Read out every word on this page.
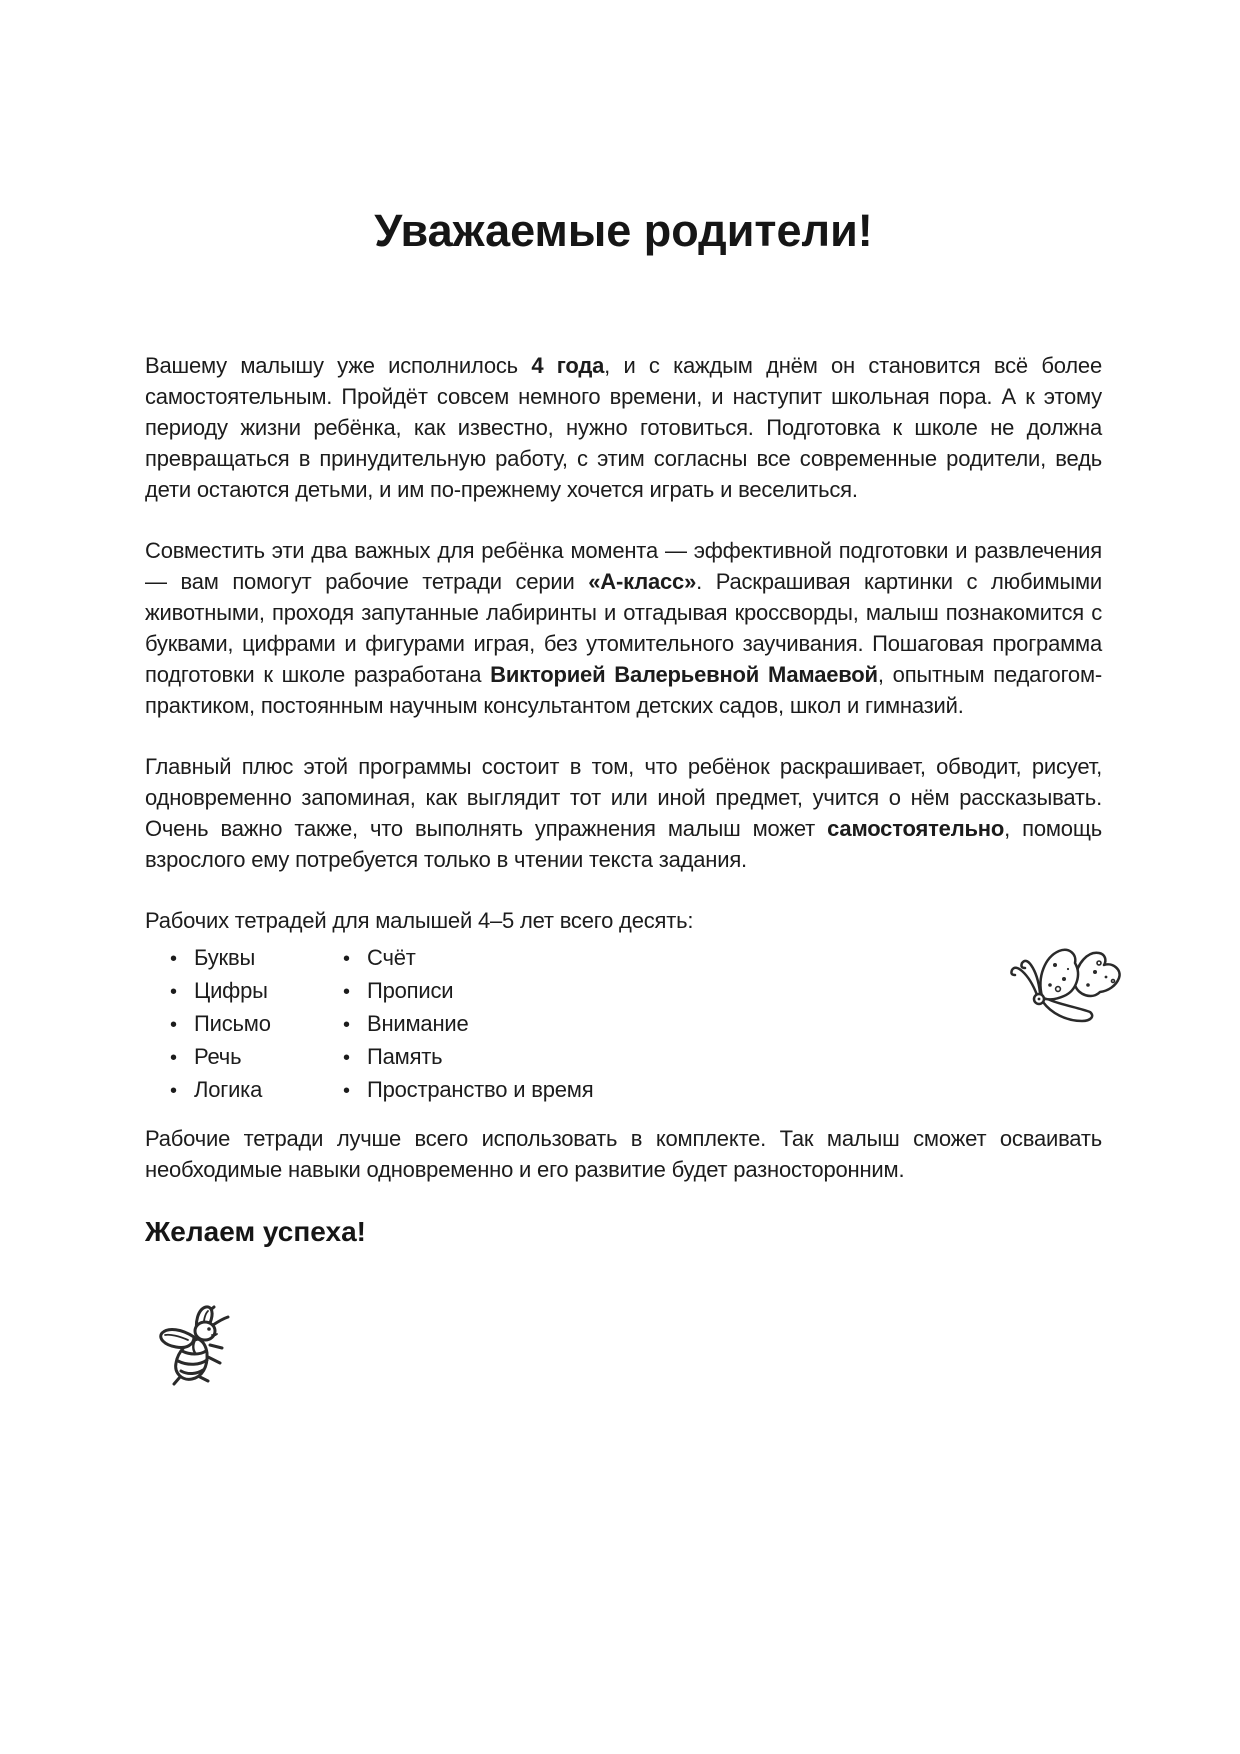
Уважаемые родители!

Вашему малышу уже исполнилось 4 года, и с каждым днём он становится всё более самостоятельным. Пройдёт совсем немного времени, и наступит школьная пора. А к этому периоду жизни ребёнка, как известно, нужно готовиться. Подготовка к школе не должна превращаться в принудительную работу, с этим согласны все современные родители, ведь дети остаются детьми, и им по-прежнему хочется играть и веселиться.

Совместить эти два важных для ребёнка момента — эффективной подготовки и развлечения — вам помогут рабочие тетради серии «А-класс». Раскрашивая картинки с любимыми животными, проходя запутанные лабиринты и отгадывая кроссворды, малыш познакомится с буквами, цифрами и фигурами играя, без утомительного заучивания. Пошаговая программа подготовки к школе разработана Викторией Валерьевной Мамаевой, опытным педагогом-практиком, постоянным научным консультантом детских садов, школ и гимназий.

Главный плюс этой программы состоит в том, что ребёнок раскрашивает, обводит, рисует, одновременно запоминая, как выглядит тот или иной предмет, учится о нём рассказывать. Очень важно также, что выполнять упражнения малыш может самостоятельно, помощь взрослого ему потребуется только в чтении текста задания.

Рабочих тетрадей для малышей 4–5 лет всего десять:

• Буквы
• Цифры
• Письмо
• Речь
• Логика
• Счёт
• Прописи
• Внимание
• Память
• Пространство и время

Рабочие тетради лучше всего использовать в комплекте. Так малыш сможет осваивать необходимые навыки одновременно и его развитие будет разносторонним.

Желаем успеха!
